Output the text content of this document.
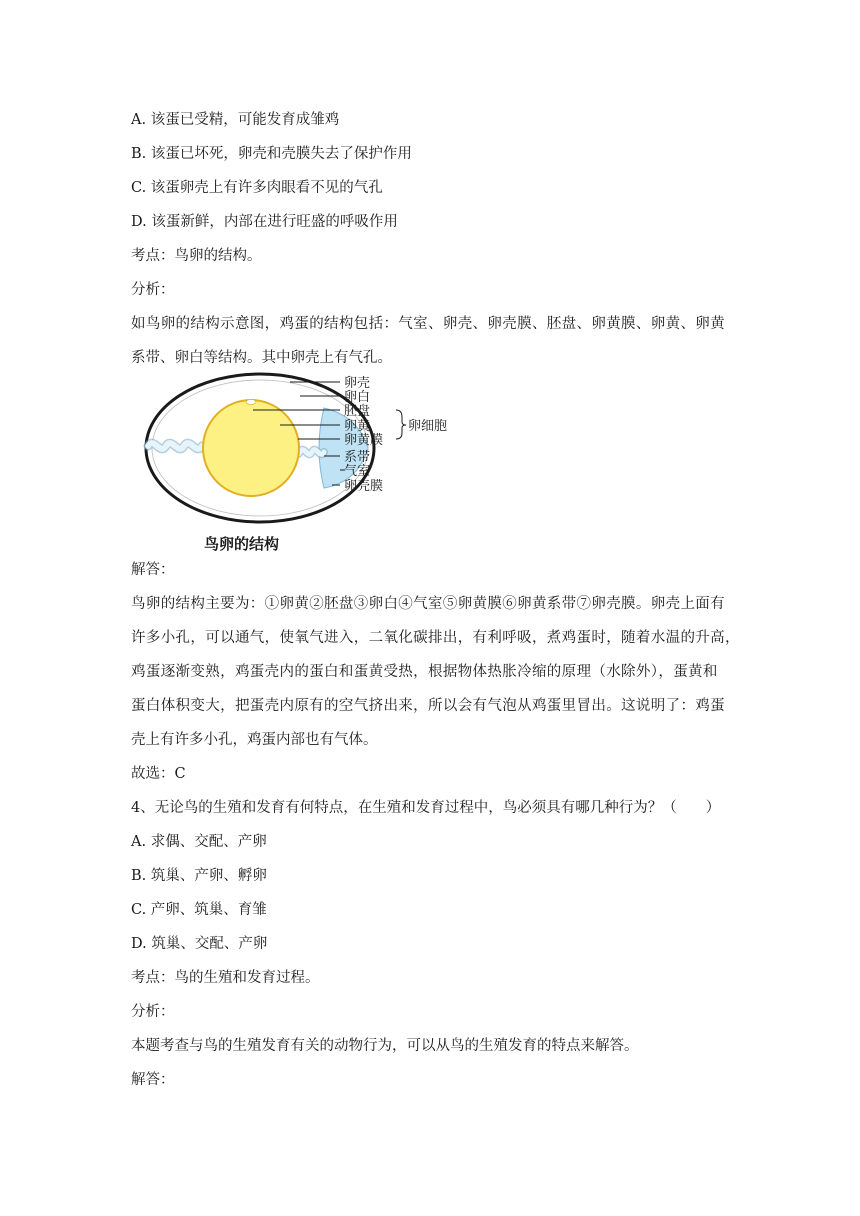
A. 该蛋已受精，可能发育成雏鸡
B. 该蛋已坏死，卵壳和壳膜失去了保护作用
C. 该蛋卵壳上有许多肉眼看不见的气孔
D. 该蛋新鲜，内部在进行旺盛的呼吸作用
考点：鸟卵的结构。
分析：
如鸟卵的结构示意图，鸡蛋的结构包括：气室、卵壳、卵壳膜、胚盘、卵黄膜、卵黄、卵黄
系带、卵白等结构。其中卵壳上有气孔。
卵壳
卵白
胚盘
卵黄
卵黄膜
系带
气室
卵壳膜
卵细胞
鸟卵的结构
解答：
鸟卵的结构主要为：①卵黄②胚盘③卵白④气室⑤卵黄膜⑥卵黄系带⑦卵壳膜。卵壳上面有
许多小孔，可以通气，使氧气进入，二氧化碳排出，有利呼吸，煮鸡蛋时，随着水温的升高，
鸡蛋逐渐变熟，鸡蛋壳内的蛋白和蛋黄受热，根据物体热胀冷缩的原理（水除外），蛋黄和
蛋白体积变大，把蛋壳内原有的空气挤出来，所以会有气泡从鸡蛋里冒出。这说明了：鸡蛋
壳上有许多小孔，鸡蛋内部也有气体。
故选：C
4、无论鸟的生殖和发育有何特点，在生殖和发育过程中，鸟必须具有哪几种行为？（　　）
A. 求偶、交配、产卵
B. 筑巢、产卵、孵卵
C. 产卵、筑巢、育雏
D. 筑巢、交配、产卵
考点：鸟的生殖和发育过程。
分析：
本题考查与鸟的生殖发育有关的动物行为，可以从鸟的生殖发育的特点来解答。
解答：
